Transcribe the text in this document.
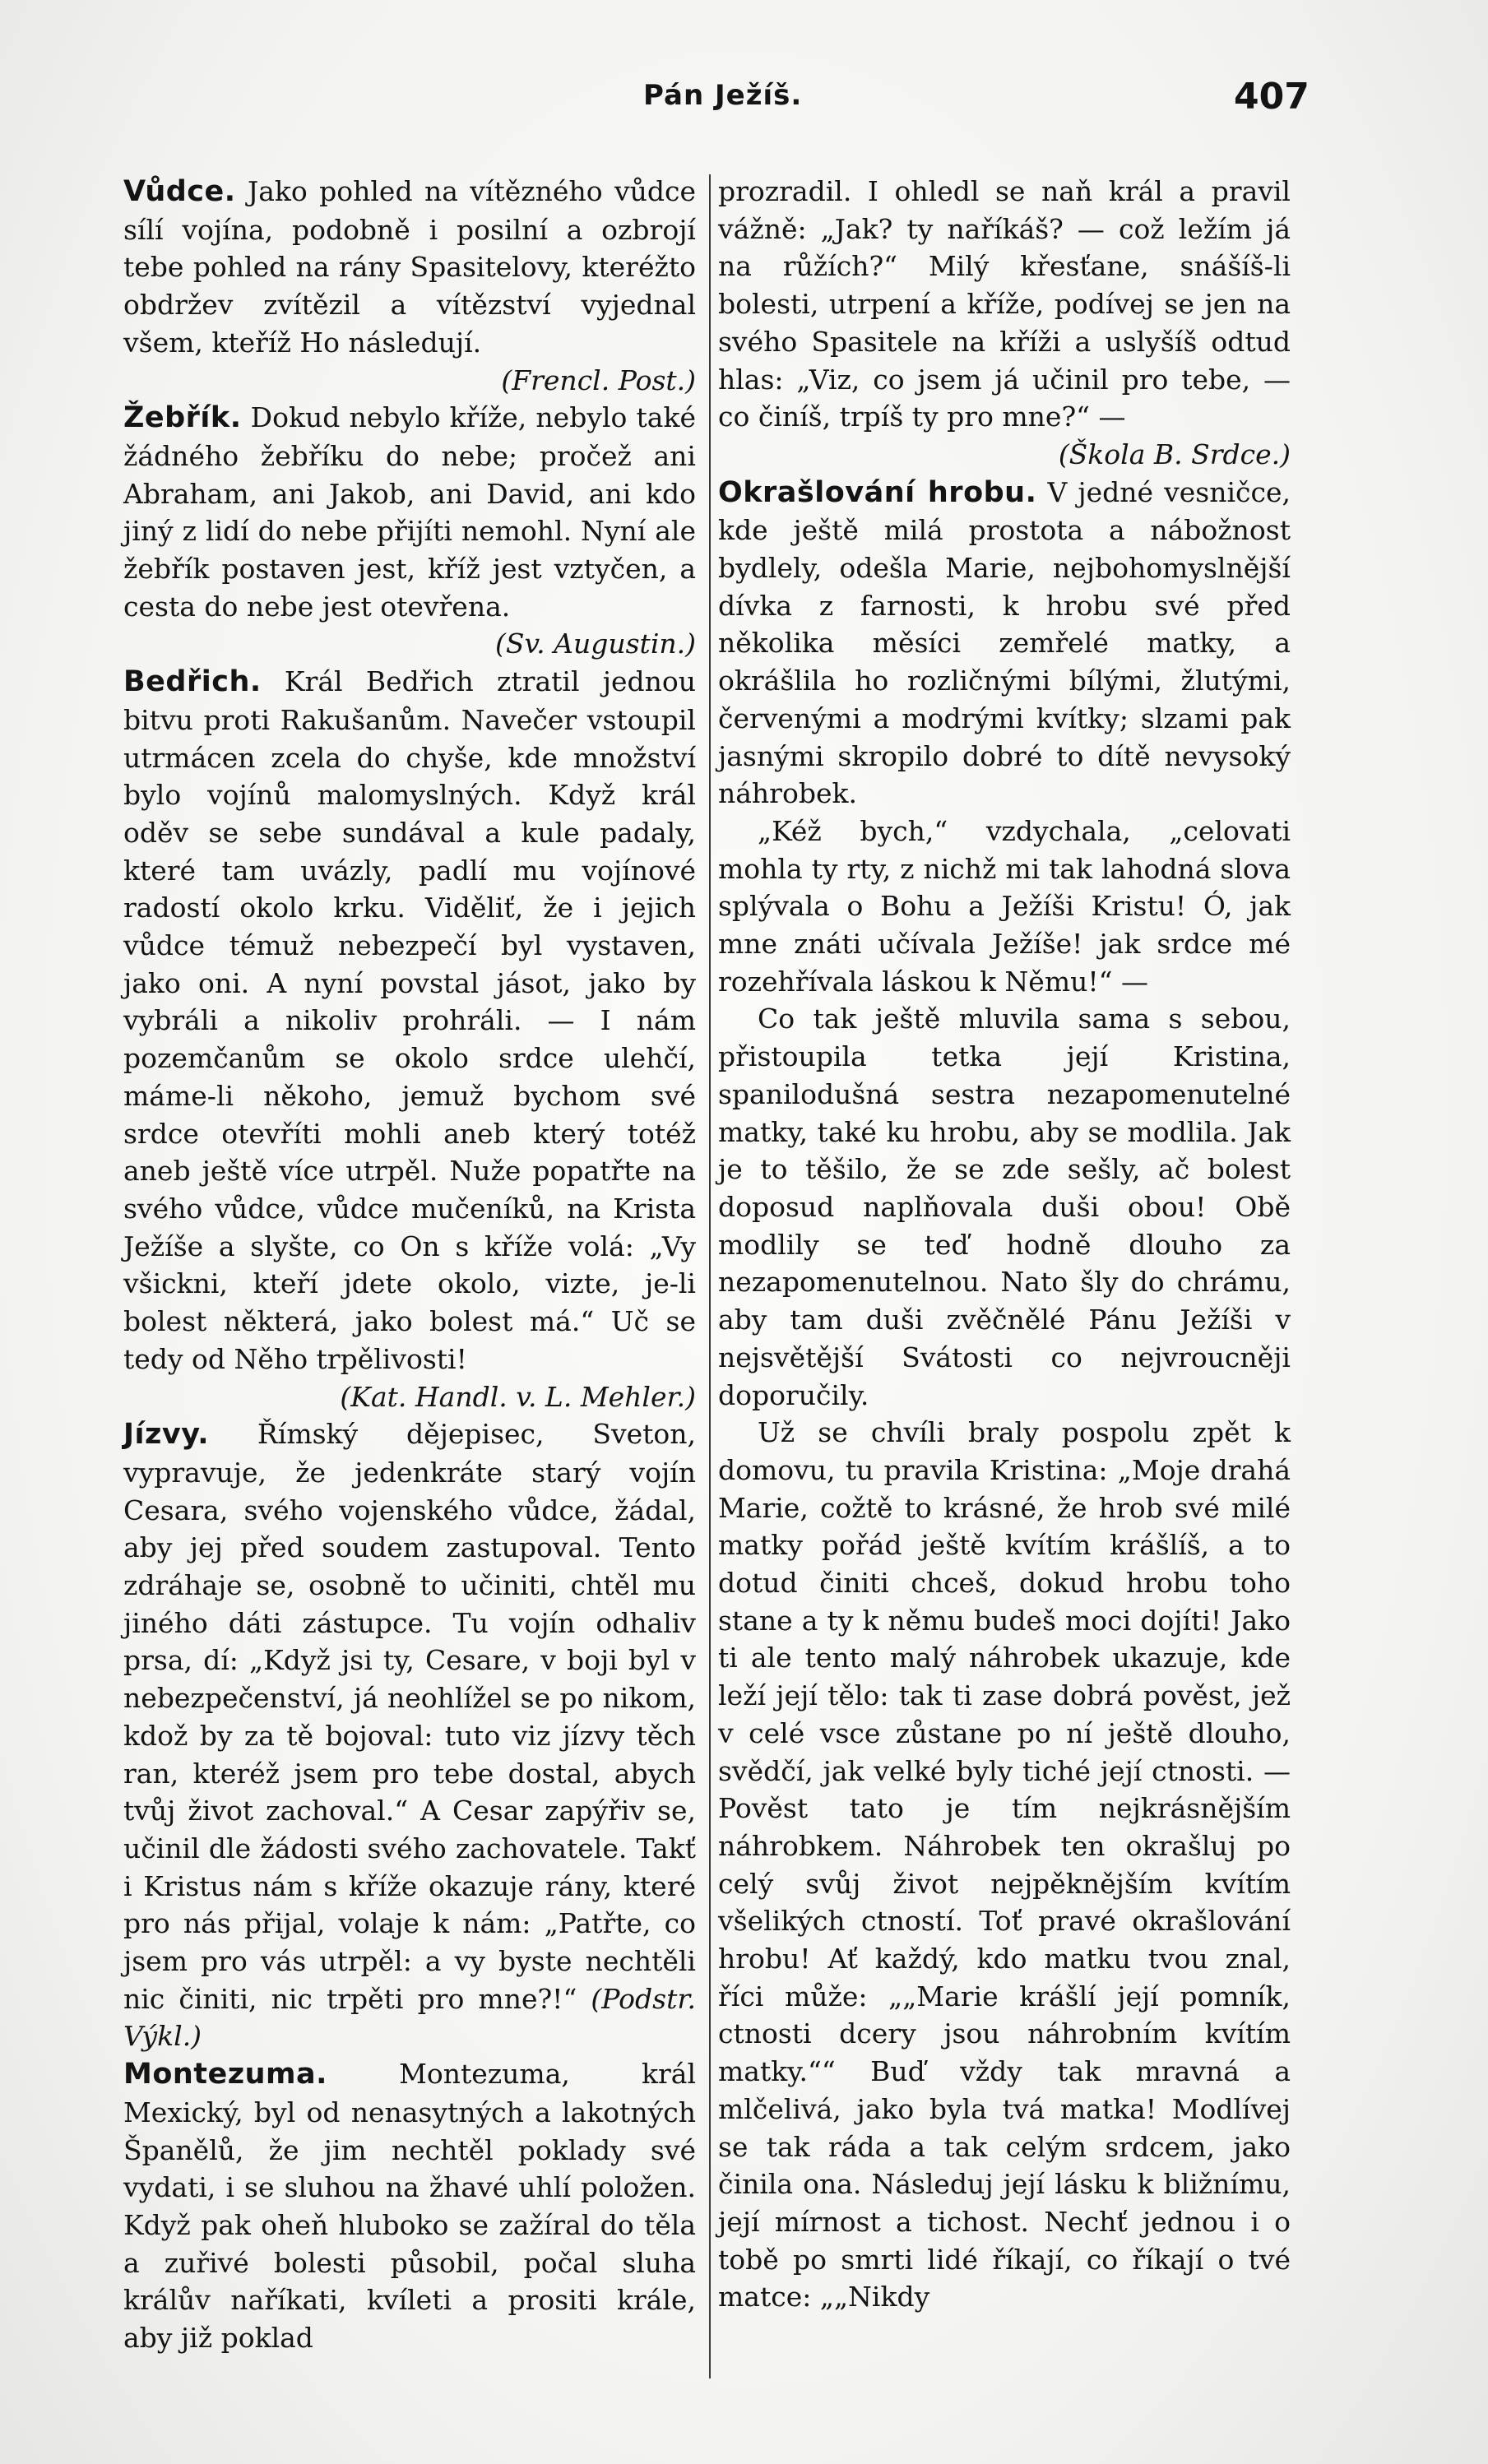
Pán Ježíš.	407

Vůdce. Jako pohled na vítězného vůdce sílí vojína, podobně i posilní a ozbrojí tebe pohled na rány Spasitelovy, kteréžto obdržev zvítězil a vítězství vyjednal všem, kteříž Ho následují.

(Frencl. Post.)

Žebřík. Dokud nebylo kříže, nebylo také žádného žebříku do nebe; pročež ani Abraham, ani Jakob, ani David, ani kdo jiný z lidí do nebe přijíti nemohl. Nyní ale žebřík postaven jest, kříž jest vztyčen, a cesta do nebe jest otevřena.

(Sv. Augustin.)

Bedřich. Král Bedřich ztratil jednou bitvu proti Rakušanům. Navečer vstoupil utrmácen zcela do chyše, kde množství bylo vojínů malomyslných. Když král oděv se sebe sundával a kule padaly, které tam uvázly, padlí mu vojínové radostí okolo krku. Viděliť, že i jejich vůdce témuž nebezpečí byl vystaven, jako oni. A nyní povstal jásot, jako by vybráli a nikoliv prohráli. — I nám pozemčanům se okolo srdce ulehčí, máme-li někoho, jemuž bychom své srdce otevříti mohli aneb který totéž aneb ještě více utrpěl. Nuže popatřte na svého vůdce, vůdce mučeníků, na Krista Ježíše a slyšte, co On s kříže volá: „Vy všickni, kteří jdete okolo, vizte, je-li bolest některá, jako bolest má.“ Uč se tedy od Něho trpělivosti!

(Kat. Handl. v. L. Mehler.)

Jízvy. Římský dějepisec, Sveton, vypravuje, že jedenkráte starý vojín Cesara, svého vojenského vůdce, žádal, aby jej před soudem zastupoval. Tento zdráhaje se, osobně to učiniti, chtěl mu jiného dáti zástupce. Tu vojín odhaliv prsa, dí: „Když jsi ty, Cesare, v boji byl v nebezpečenství, já neohlížel se po nikom, kdož by za tě bojoval: tuto viz jízvy těch ran, kteréž jsem pro tebe dostal, abych tvůj život zachoval.“ A Cesar zapýřiv se, učinil dle žádosti svého zachovatele. Takť i Kristus nám s kříže okazuje rány, které pro nás přijal, volaje k nám: „Patřte, co jsem pro vás utrpěl: a vy byste nechtěli nic činiti, nic trpěti pro mne?!“ (Podstr. Výkl.)

Montezuma. Montezuma, král Mexický, byl od nenasytných a lakotných Španělů, že jim nechtěl poklady své vydati, i se sluhou na žhavé uhlí položen. Když pak oheň hluboko se zažíral do těla a zuřivé bolesti působil, počal sluha králův naříkati, kvíleti a prositi krále, aby již poklad

prozradil. I ohledl se naň král a pravil vážně: „Jak? ty naříkáš? — což ležím já na růžích?“ Milý křesťane, snášíš-li bolesti, utrpení a kříže, podívej se jen na svého Spasitele na kříži a uslyšíš odtud hlas: „Viz, co jsem já učinil pro tebe, — co činíš, trpíš ty pro mne?“ —

(Škola B. Srdce.)

Okrašlování hrobu. V jedné vesničce, kde ještě milá prostota a nábožnost bydlely, odešla Marie, nejbohomyslnější dívka z farnosti, k hrobu své před několika měsíci zemřelé matky, a okrášlila ho rozličnými bílými, žlutými, červenými a modrými kvítky; slzami pak jasnými skropilo dobré to dítě nevysoký náhrobek.

„Kéž bych,“ vzdychala, „celovati mohla ty rty, z nichž mi tak lahodná slova splývala o Bohu a Ježíši Kristu! Ó, jak mne znáti učívala Ježíše! jak srdce mé rozehřívala láskou k Němu!“ —

Co tak ještě mluvila sama s sebou, přistoupila tetka její Kristina, spanilodušná sestra nezapomenutelné matky, také ku hrobu, aby se modlila. Jak je to těšilo, že se zde sešly, ač bolest doposud naplňovala duši obou! Obě modlily se teď hodně dlouho za nezapomenutelnou. Nato šly do chrámu, aby tam duši zvěčnělé Pánu Ježíši v nejsvětější Svátosti co nejvroucněji doporučily.

Už se chvíli braly pospolu zpět k domovu, tu pravila Kristina: „Moje drahá Marie, cožtě to krásné, že hrob své milé matky pořád ještě kvítím krášlíš, a to dotud činiti chceš, dokud hrobu toho stane a ty k němu budeš moci dojíti! Jako ti ale tento malý náhrobek ukazuje, kde leží její tělo: tak ti zase dobrá pověst, jež v celé vsce zůstane po ní ještě dlouho, svědčí, jak velké byly tiché její ctnosti. — Pověst tato je tím nejkrásnějším náhrobkem. Náhrobek ten okrašluj po celý svůj život nejpěknějším kvítím všelikých ctností. Toť pravé okrašlování hrobu! Ať každý, kdo matku tvou znal, říci může: „„Marie krášlí její pomník, ctnosti dcery jsou náhrobním kvítím matky.““ Buď vždy tak mravná a mlčelivá, jako byla tvá matka! Modlívej se tak ráda a tak celým srdcem, jako činila ona. Následuj její lásku k bližnímu, její mírnost a tichost. Nechť jednou i o tobě po smrti lidé říkají, co říkají o tvé matce: „„Nikdy
